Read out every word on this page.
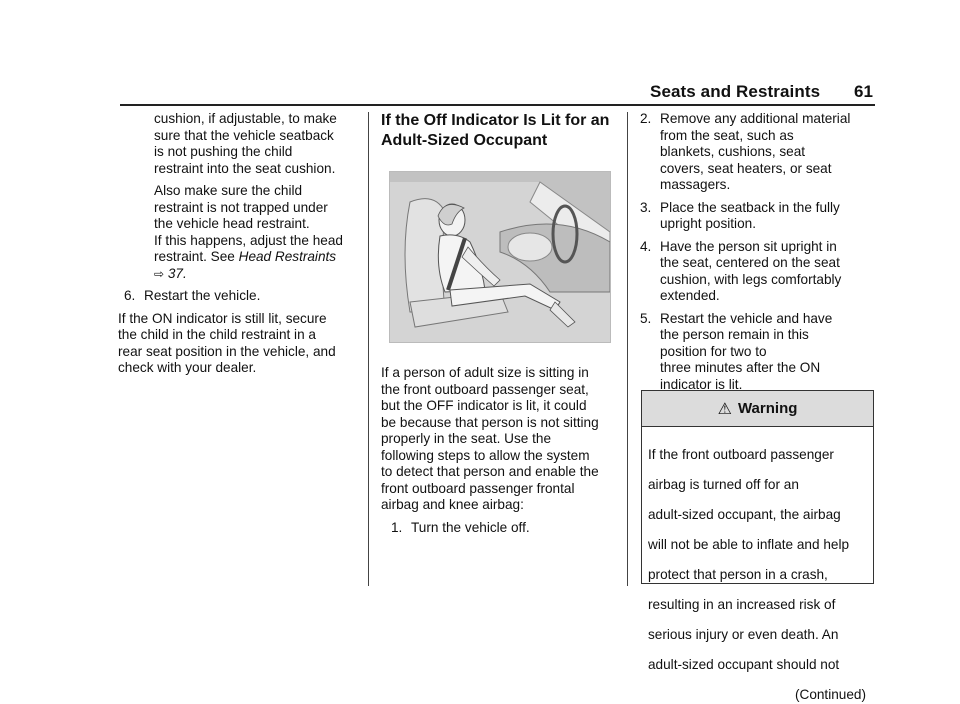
Seats and Restraints 61

cushion, if adjustable, to make

sure that the vehicle seatback

is not pushing the child

restraint into the seat cushion.

Also make sure the child

restraint is not trapped under

the vehicle head restraint.

If this happens, adjust the head

restraint. See Head Restraints

⇨ 37.

6. Restart the vehicle.

If the ON indicator is still lit, secure

the child in the child restraint in a

rear seat position in the vehicle, and

check with your dealer.

If the Off Indicator Is Lit for an
Adult-Sized Occupant

If a person of adult size is sitting in

the front outboard passenger seat,

but the OFF indicator is lit, it could

be because that person is not sitting

properly in the seat. Use the

following steps to allow the system

to detect that person and enable the

front outboard passenger frontal

airbag and knee airbag:

1. Turn the vehicle off.
2. Remove any additional material

from the seat, such as

blankets, cushions, seat

covers, seat heaters, or seat

massagers.

3. Place the seatback in the fully

upright position.

4. Have the person sit upright in

the seat, centered on the seat

cushion, with legs comfortably

extended.

5. Restart the vehicle and have

the person remain in this

position for two to

three minutes after the ON

indicator is lit.

⚠ Warning

If the front outboard passenger

airbag is turned off for an

adult-sized occupant, the airbag

will not be able to inflate and help

protect that person in a crash,

resulting in an increased risk of

serious injury or even death. An

adult-sized occupant should not

(Continued)
